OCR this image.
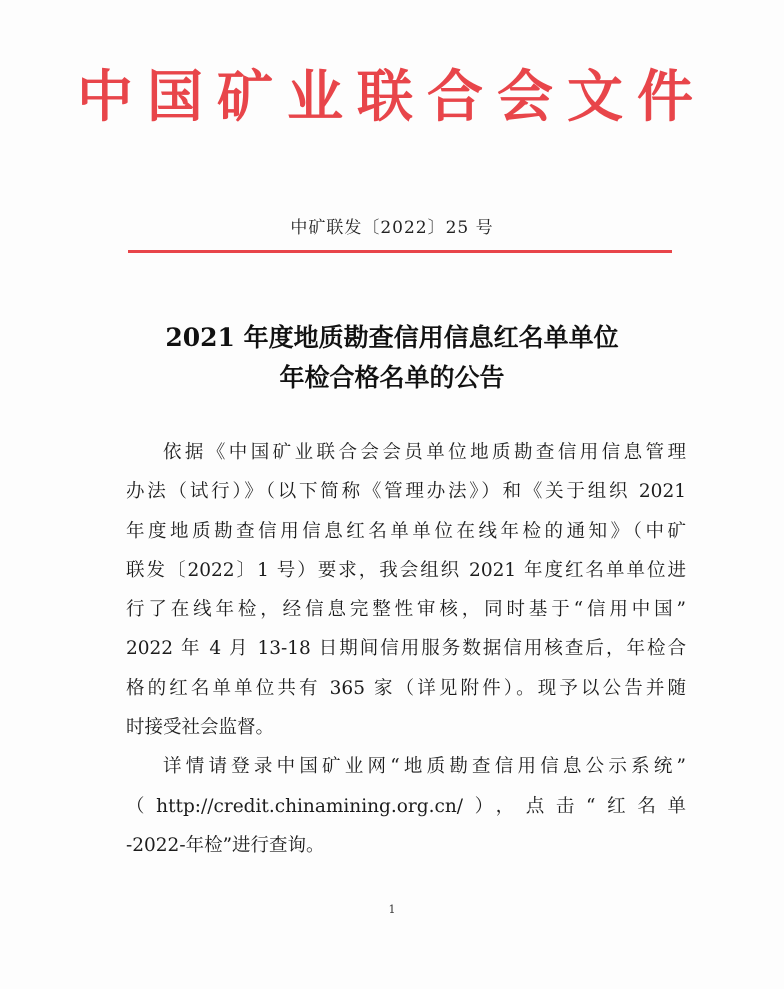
中国矿业联合会文件
中矿联发〔2022〕25 号
2021 年度地质勘查信用信息红名单单位
年检合格名单的公告
依据《中国矿业联合会会员单位地质勘查信用信息管理
办法（试行）》（以下简称《管理办法》）和《关于组织 2021
年度地质勘查信用信息红名单单位在线年检的通知》（中矿
联发〔2022〕1 号）要求，我会组织 2021 年度红名单单位进
行了在线年检，经信息完整性审核，同时基于“信用中国”
2022 年 4 月 13-18 日期间信用服务数据信用核查后，年检合
格的红名单单位共有 365 家（详见附件）。现予以公告并随
时接受社会监督。
详情请登录中国矿业网“地质勘查信用信息公示系统”
（http://credit.chinamining.org.cn/），点击“红名单
-2022-年检”进行查询。
1
